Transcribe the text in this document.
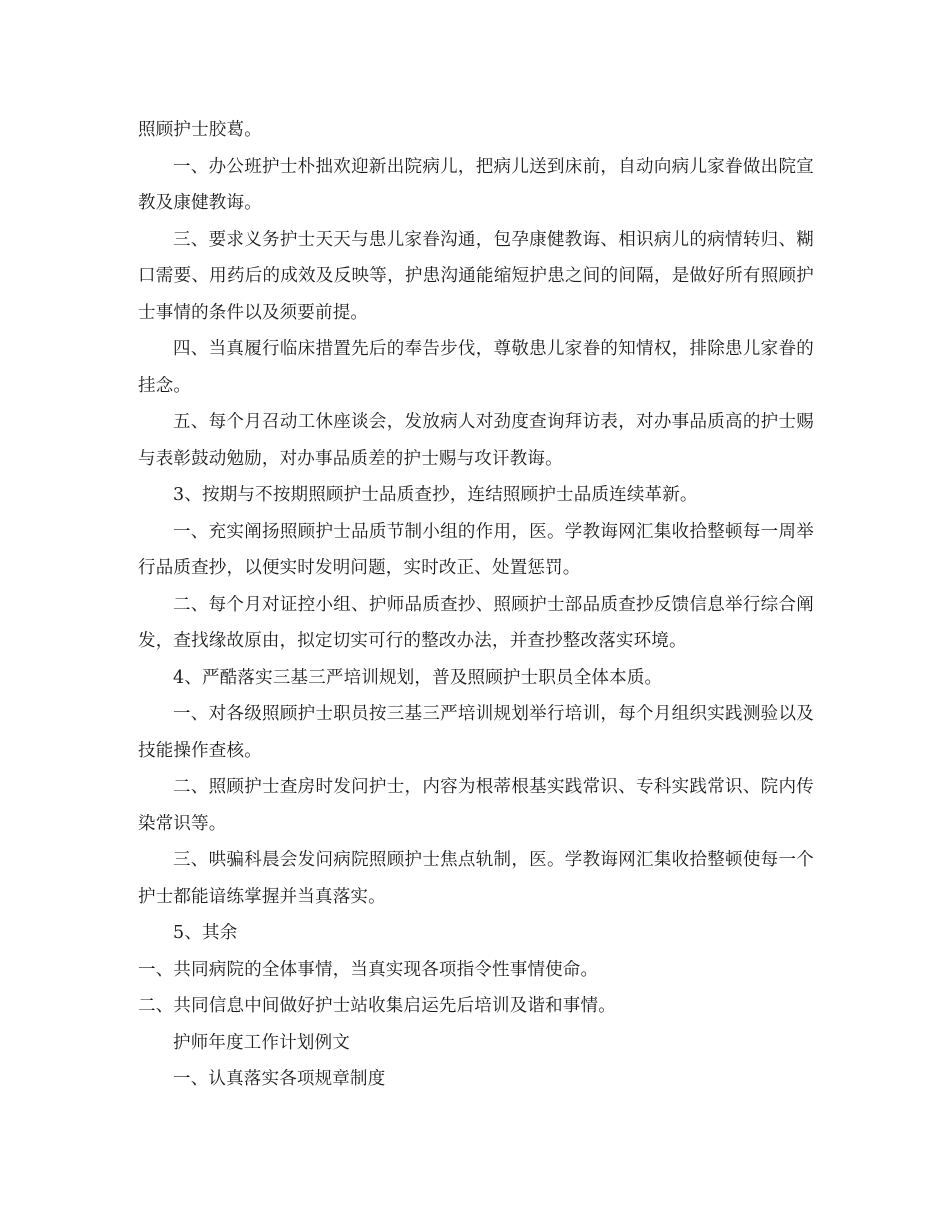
照顾护士胶葛。

一、办公班护士朴拙欢迎新出院病儿，把病儿送到床前，自动向病儿家眷做出院宣教及康健教诲。

三、要求义务护士天天与患儿家眷沟通，包孕康健教诲、相识病儿的病情转归、糊口需要、用药后的成效及反映等，护患沟通能缩短护患之间的间隔，是做好所有照顾护士事情的条件以及须要前提。

四、当真履行临床措置先后的奉告步伐，尊敬患儿家眷的知情权，排除患儿家眷的挂念。

五、每个月召动工休座谈会，发放病人对劲度查询拜访表，对办事品质高的护士赐与表彰鼓动勉励，对办事品质差的护士赐与攻讦教诲。

3、按期与不按期照顾护士品质查抄，连结照顾护士品质连续革新。

一、充实阐扬照顾护士品质节制小组的作用，医。学教诲网汇集收拾整顿每一周举行品质查抄，以便实时发明问题，实时改正、处置惩罚。

二、每个月对证控小组、护师品质查抄、照顾护士部品质查抄反馈信息举行综合阐发，查找缘故原由，拟定切实可行的整改办法，并查抄整改落实环境。

4、严酷落实三基三严培训规划，普及照顾护士职员全体本质。

一、对各级照顾护士职员按三基三严培训规划举行培训，每个月组织实践测验以及技能操作查核。

二、照顾护士查房时发问护士，内容为根蒂根基实践常识、专科实践常识、院内传染常识等。

三、哄骗科晨会发问病院照顾护士焦点轨制，医。学教诲网汇集收拾整顿使每一个护士都能谙练掌握并当真落实。

5、其余

一、共同病院的全体事情，当真实现各项指令性事情使命。

二、共同信息中间做好护士站收集启运先后培训及谐和事情。

护师年度工作计划例文

一、认真落实各项规章制度
